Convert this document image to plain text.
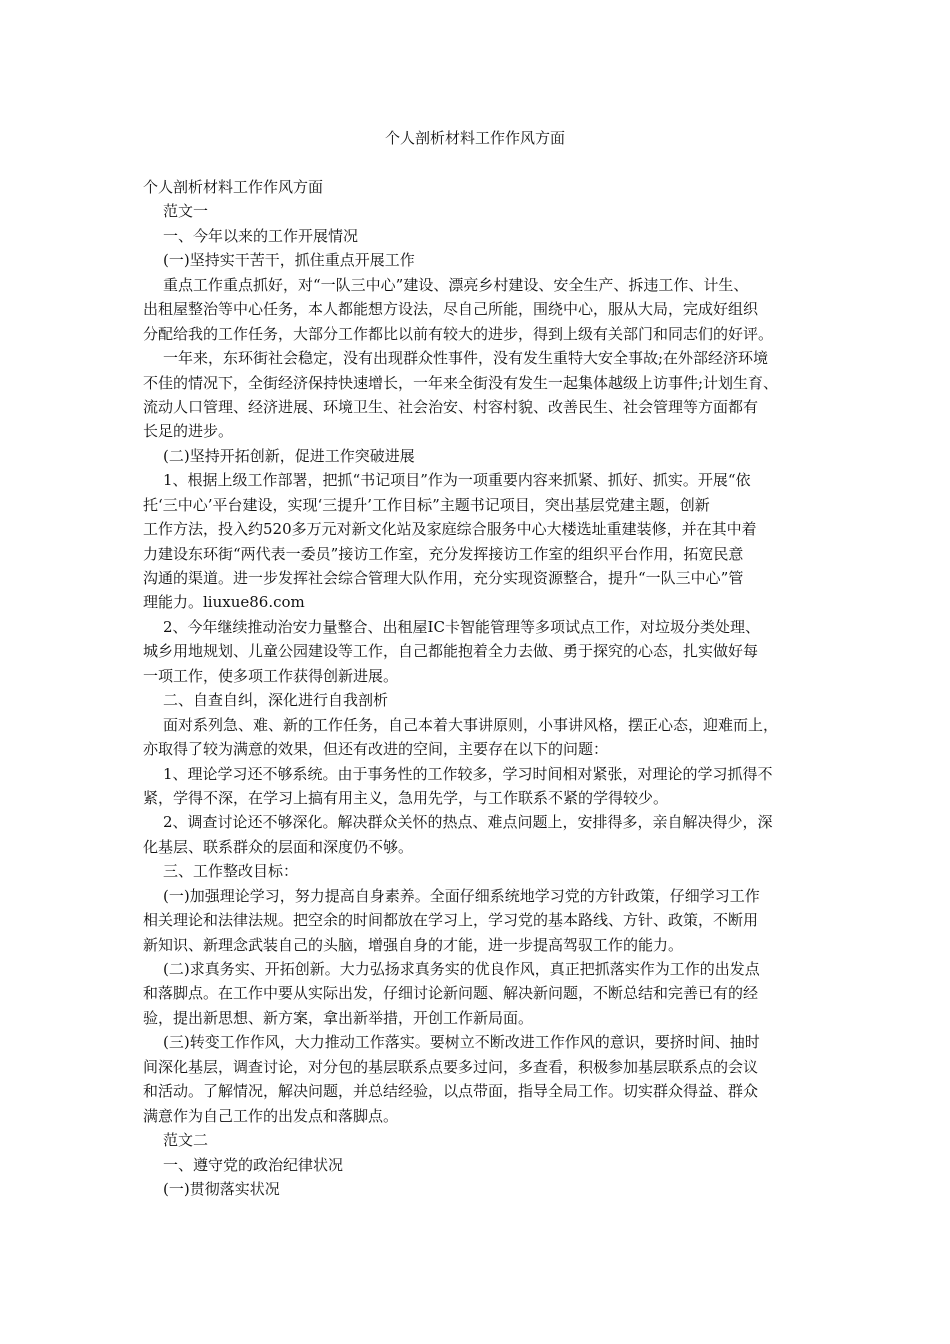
个人剖析材料工作作风方面

个人剖析材料工作作风方面

范文一

一、今年以来的工作开展情况

(一)坚持实干苦干，抓住重点开展工作

重点工作重点抓好，对“一队三中心”建设、漂亮乡村建设、安全生产、拆违工作、计生、

出租屋整治等中心任务，本人都能想方设法，尽自己所能，围绕中心，服从大局，完成好组织

分配给我的工作任务，大部分工作都比以前有较大的进步，得到上级有关部门和同志们的好评。

一年来，东环街社会稳定，没有出现群众性事件，没有发生重特大安全事故;在外部经济环境

不佳的情况下，全街经济保持快速增长，一年来全街没有发生一起集体越级上访事件;计划生育、

流动人口管理、经济进展、环境卫生、社会治安、村容村貌、改善民生、社会管理等方面都有

长足的进步。

(二)坚持开拓创新，促进工作突破进展

1、根据上级工作部署，把抓“书记项目”作为一项重要内容来抓紧、抓好、抓实。开展“依

托‘三中心’平台建设，实现‘三提升’工作目标”主题书记项目，突出基层党建主题，创新

工作方法，投入约520多万元对新文化站及家庭综合服务中心大楼选址重建装修，并在其中着

力建设东环街“两代表一委员”接访工作室，充分发挥接访工作室的组织平台作用，拓宽民意

沟通的渠道。进一步发挥社会综合管理大队作用，充分实现资源整合，提升“一队三中心”管

理能力。liuxue86.com

2、今年继续推动治安力量整合、出租屋IC卡智能管理等多项试点工作，对垃圾分类处理、

城乡用地规划、儿童公园建设等工作，自己都能抱着全力去做、勇于探究的心态，扎实做好每

一项工作，使多项工作获得创新进展。

二、自查自纠，深化进行自我剖析

面对系列急、难、新的工作任务，自己本着大事讲原则，小事讲风格，摆正心态，迎难而上，

亦取得了较为满意的效果，但还有改进的空间，主要存在以下的问题：

1、理论学习还不够系统。由于事务性的工作较多，学习时间相对紧张，对理论的学习抓得不

紧，学得不深，在学习上搞有用主义，急用先学，与工作联系不紧的学得较少。

2、调查讨论还不够深化。解决群众关怀的热点、难点问题上，安排得多，亲自解决得少，深

化基层、联系群众的层面和深度仍不够。

三、工作整改目标：

(一)加强理论学习，努力提高自身素养。全面仔细系统地学习党的方针政策，仔细学习工作

相关理论和法律法规。把空余的时间都放在学习上，学习党的基本路线、方针、政策，不断用

新知识、新理念武装自己的头脑，增强自身的才能，进一步提高驾驭工作的能力。

(二)求真务实、开拓创新。大力弘扬求真务实的优良作风，真正把抓落实作为工作的出发点

和落脚点。在工作中要从实际出发，仔细讨论新问题、解决新问题，不断总结和完善已有的经

验，提出新思想、新方案，拿出新举措，开创工作新局面。

(三)转变工作作风，大力推动工作落实。要树立不断改进工作作风的意识，要挤时间、抽时

间深化基层，调查讨论，对分包的基层联系点要多过问，多查看，积极参加基层联系点的会议

和活动。了解情况，解决问题，并总结经验，以点带面，指导全局工作。切实群众得益、群众

满意作为自己工作的出发点和落脚点。

范文二

一、遵守党的政治纪律状况

(一)贯彻落实状况
